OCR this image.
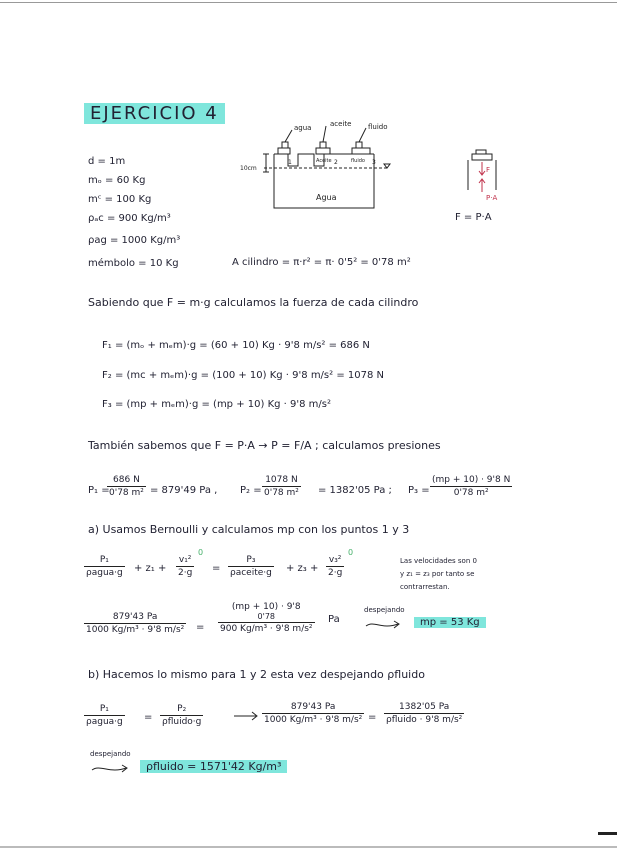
EJERCICIO 4
d = 1m
mₒ = 60 Kg
mᶜ = 100 Kg
ρₐc = 900 Kg/m³
ρag = 1000 Kg/m³
mémbolo = 10 Kg
agua	aceite fluido
Aceite	fluido
1	2	3
10cm
Agua
F
P·A
F = P·A
A cilindro = π·r² = π· 0'5² = 0'78 m²
Sabiendo que F = m·g calculamos la fuerza de cada cilindro
F₁ = (mₒ + mₑm)·g = (60 + 10) Kg · 9'8 m/s² = 686 N
F₂ = (mc + mₑm)·g = (100 + 10) Kg · 9'8 m/s² = 1078 N
F₃ = (mp + mₑm)·g = (mp + 10) Kg · 9'8 m/s²
También sabemos que F = P·A → P = F/A ; calculamos presiones
P₁ =
686 N
0'78 m² = 879'49 Pa , P₂ =
1078 N
0'78 m² = 1382'05 Pa ; P₃ =
(mp + 10) · 9'8 N
0'78 m²
a) Usamos Bernoulli y calculamos mp con los puntos 1 y 3
P₁
ρagua·g + z₁ +
v₁²
2·g
0
=
P₃
ρaceite·g + z₃ +
v₃²
2·g
0
Las velocidades son 0
y z₁ = z₃ por tanto se
contrarrestan.
879'43 Pa
1000 Kg/m³ · 9'8 m/s² =
(mp + 10) · 9'8
0'78
900 Kg/m³ · 9'8 m/s²
Pa
despejando
mp = 53 Kg
b) Hacemos lo mismo para 1 y 2 esta vez despejando ρfluido
P₁
ρagua·g =
P₂
ρfluido·g
879'43 Pa
1000 Kg/m³ · 9'8 m/s² =
1382'05 Pa
ρfluido · 9'8 m/s²
despejando
ρfluido = 1571'42 Kg/m³
